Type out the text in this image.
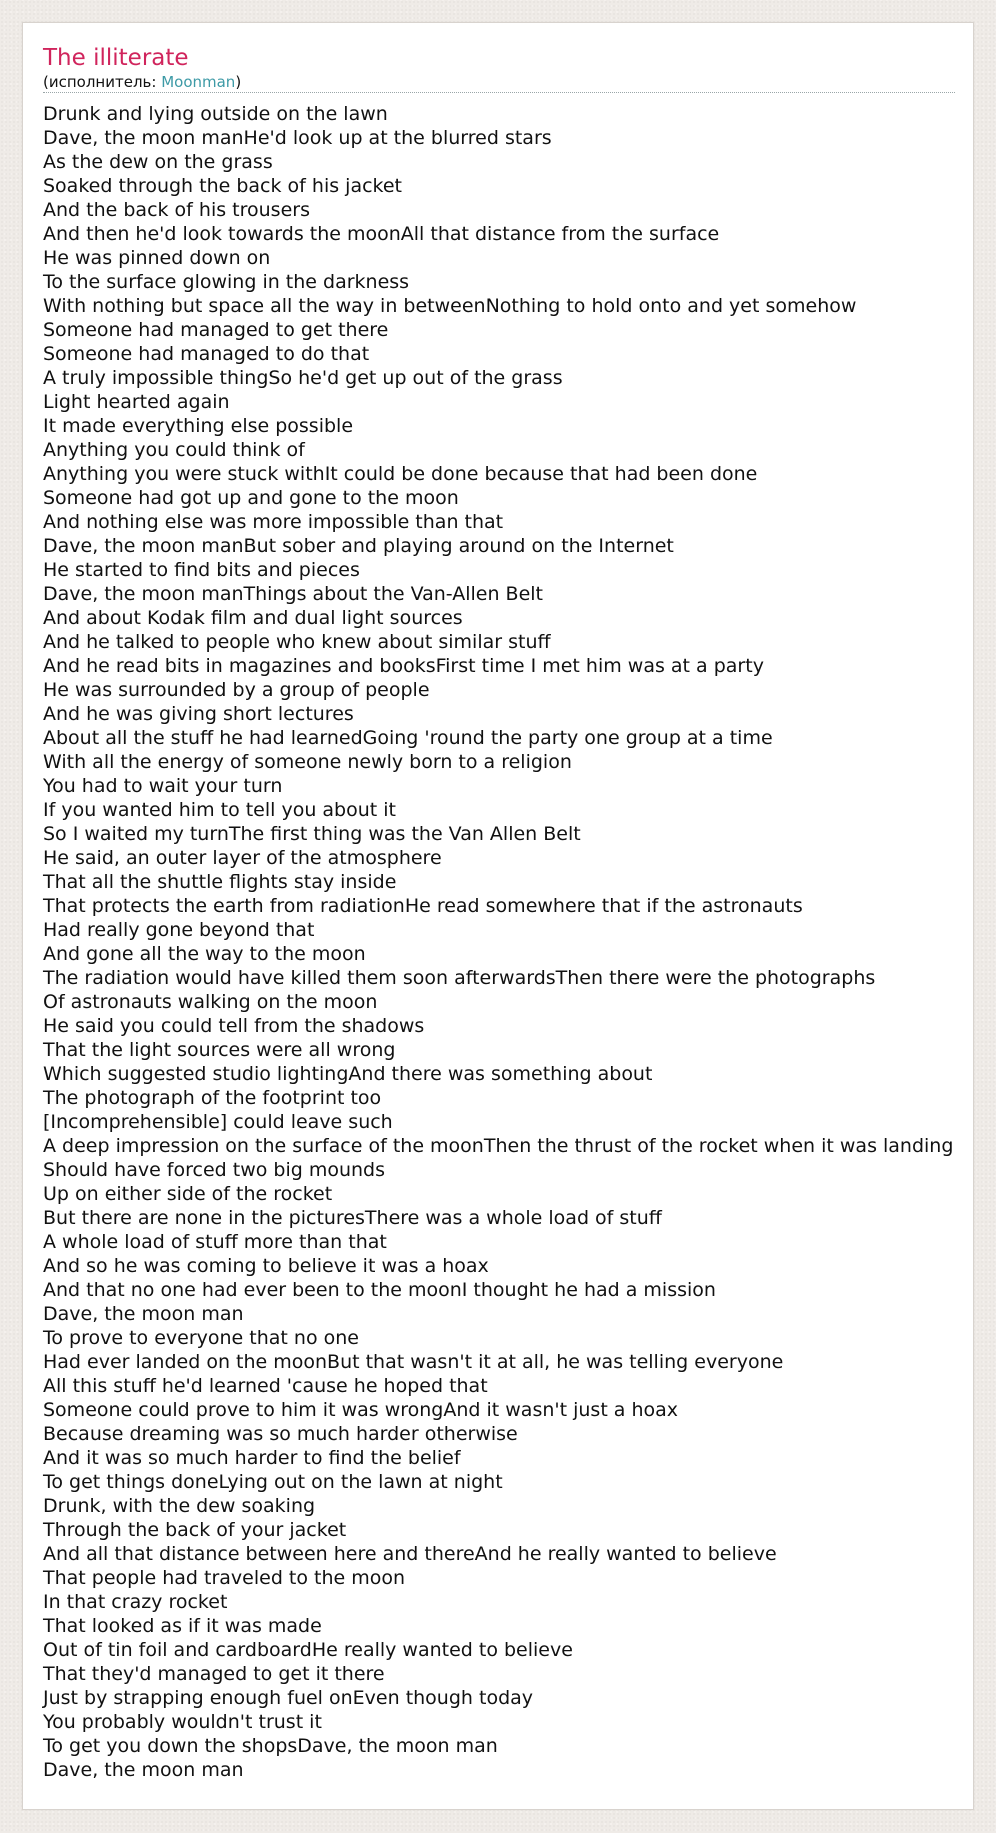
The illiterate
(исполнитель: Moonman)
Drunk and lying outside on the lawn
Dave, the moon manHe'd look up at the blurred stars
As the dew on the grass
Soaked through the back of his jacket
And the back of his trousers
And then he'd look towards the moonAll that distance from the surface
He was pinned down on
To the surface glowing in the darkness
With nothing but space all the way in betweenNothing to hold onto and yet somehow
Someone had managed to get there
Someone had managed to do that
A truly impossible thingSo he'd get up out of the grass
Light hearted again
It made everything else possible
Anything you could think of
Anything you were stuck withIt could be done because that had been done
Someone had got up and gone to the moon
And nothing else was more impossible than that
Dave, the moon manBut sober and playing around on the Internet
He started to find bits and pieces
Dave, the moon manThings about the Van-Allen Belt
And about Kodak film and dual light sources
And he talked to people who knew about similar stuff
And he read bits in magazines and booksFirst time I met him was at a party
He was surrounded by a group of people
And he was giving short lectures
About all the stuff he had learnedGoing 'round the party one group at a time
With all the energy of someone newly born to a religion
You had to wait your turn
If you wanted him to tell you about it
So I waited my turnThe first thing was the Van Allen Belt
He said, an outer layer of the atmosphere
That all the shuttle flights stay inside
That protects the earth from radiationHe read somewhere that if the astronauts
Had really gone beyond that
And gone all the way to the moon
The radiation would have killed them soon afterwardsThen there were the photographs
Of astronauts walking on the moon
He said you could tell from the shadows
That the light sources were all wrong
Which suggested studio lightingAnd there was something about
The photograph of the footprint too
[Incomprehensible] could leave such
A deep impression on the surface of the moonThen the thrust of the rocket when it was landing
Should have forced two big mounds
Up on either side of the rocket
But there are none in the picturesThere was a whole load of stuff
A whole load of stuff more than that
And so he was coming to believe it was a hoax
And that no one had ever been to the moonI thought he had a mission
Dave, the moon man
To prove to everyone that no one
Had ever landed on the moonBut that wasn't it at all, he was telling everyone
All this stuff he'd learned 'cause he hoped that
Someone could prove to him it was wrongAnd it wasn't just a hoax
Because dreaming was so much harder otherwise
And it was so much harder to find the belief
To get things doneLying out on the lawn at night
Drunk, with the dew soaking
Through the back of your jacket
And all that distance between here and thereAnd he really wanted to believe
That people had traveled to the moon
In that crazy rocket
That looked as if it was made
Out of tin foil and cardboardHe really wanted to believe
That they'd managed to get it there
Just by strapping enough fuel onEven though today
You probably wouldn't trust it
To get you down the shopsDave, the moon man
Dave, the moon man
